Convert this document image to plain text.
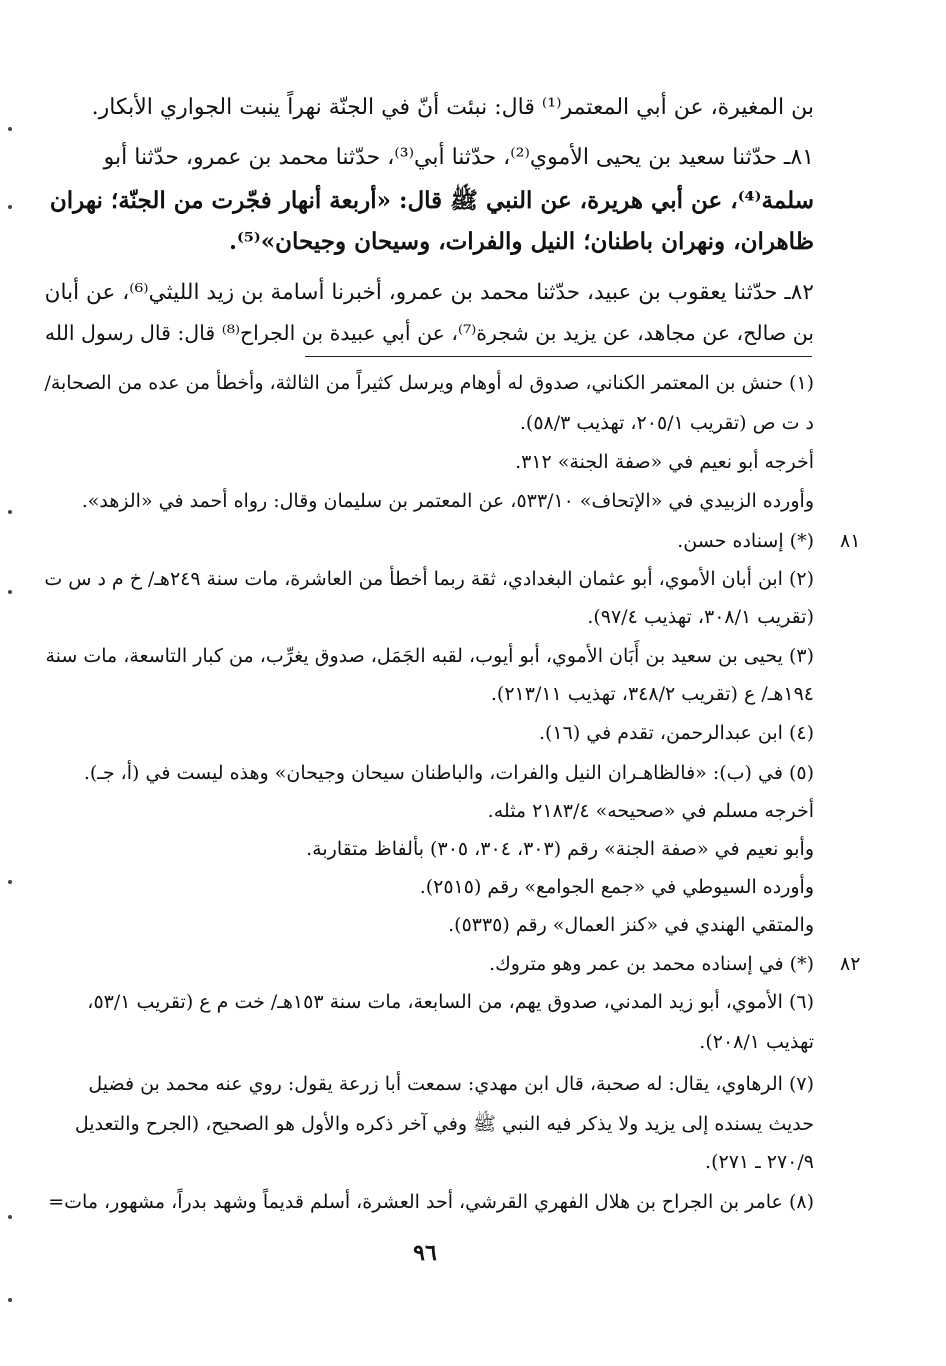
بن المغيرة، عن أبي المعتمر⁽¹⁾ قال: نبئت أنّ في الجنّة نهراً ينبت الجواري الأبكار.
٨١ـ حدّثنا سعيد بن يحيى الأموي⁽²⁾، حدّثنا أبي⁽³⁾، حدّثنا محمد بن عمرو، حدّثنا أبو
سلمة⁽⁴⁾، عن أبي هريرة، عن النبي ﷺ قال: «أربعة أنهار فجّرت من الجنّة؛ نهران
ظاهران، ونهران باطنان؛ النيل والفرات، وسيحان وجيحان»⁽⁵⁾.
٨٢ـ حدّثنا يعقوب بن عبيد، حدّثنا محمد بن عمرو، أخبرنا أسامة بن زيد الليثي⁽⁶⁾، عن أبان
بن صالح، عن مجاهد، عن يزيد بن شجرة⁽⁷⁾، عن أبي عبيدة بن الجراح⁽⁸⁾ قال: قال رسول الله
(١) حنش بن المعتمر الكناني، صدوق له أوهام ويرسل كثيراً من الثالثة، وأخطأ من عده من الصحابة/
د ت ص (تقريب ٢٠٥/١، تهذيب ٥٨/٣).
أخرجه أبو نعيم في «صفة الجنة» ٣١٢.
وأورده الزبيدي في «الإتحاف» ٥٣٣/١٠، عن المعتمر بن سليمان وقال: رواه أحمد في «الزهد».
(*) إسناده حسن.
(٢) ابن أبان الأموي، أبو عثمان البغدادي، ثقة ربما أخطأ من العاشرة، مات سنة ٢٤٩هـ/ خ م د س ت
(تقريب ٣٠٨/١، تهذيب ٩٧/٤).
(٣) يحيى بن سعيد بن أَبَان الأموي، أبو أيوب، لقبه الجَمَل، صدوق يغرِّب، من كبار التاسعة، مات سنة
١٩٤هـ/ ع (تقريب ٣٤٨/٢، تهذيب ٢١٣/١١).
(٤) ابن عبدالرحمن، تقدم في (١٦).
(٥) في (ب): «فالظاهـران النيل والفرات، والباطنان سيحان وجيحان» وهذه ليست في (أ، جـ).
أخرجه مسلم في «صحيحه» ٢١٨٣/٤ مثله.
وأبو نعيم في «صفة الجنة» رقم (٣٠٣، ٣٠٤، ٣٠٥) بألفاظ متقاربة.
وأورده السيوطي في «جمع الجوامع» رقم (٢٥١٥).
والمتقي الهندي في «كنز العمال» رقم (٥٣٣٥).
(*) في إسناده محمد بن عمر وهو متروك.
(٦) الأموي، أبو زيد المدني، صدوق يهم، من السابعة، مات سنة ١٥٣هـ/ خت م ع (تقريب ٥٣/١،
تهذيب ٢٠٨/١).
(٧) الرهاوي، يقال: له صحبة، قال ابن مهدي: سمعت أبا زرعة يقول: روي عنه محمد بن فضيل
حديث يسنده إلى يزيد ولا يذكر فيه النبي ﷺ وفي آخر ذكره والأول هو الصحيح، (الجرح والتعديل
٢٧٠/٩ ـ ٢٧١).
(٨) عامر بن الجراح بن هلال الفهري القرشي، أحد العشرة، أسلم قديماً وشهد بدراً، مشهور، مات=
٨١
٨٢
٩٦
